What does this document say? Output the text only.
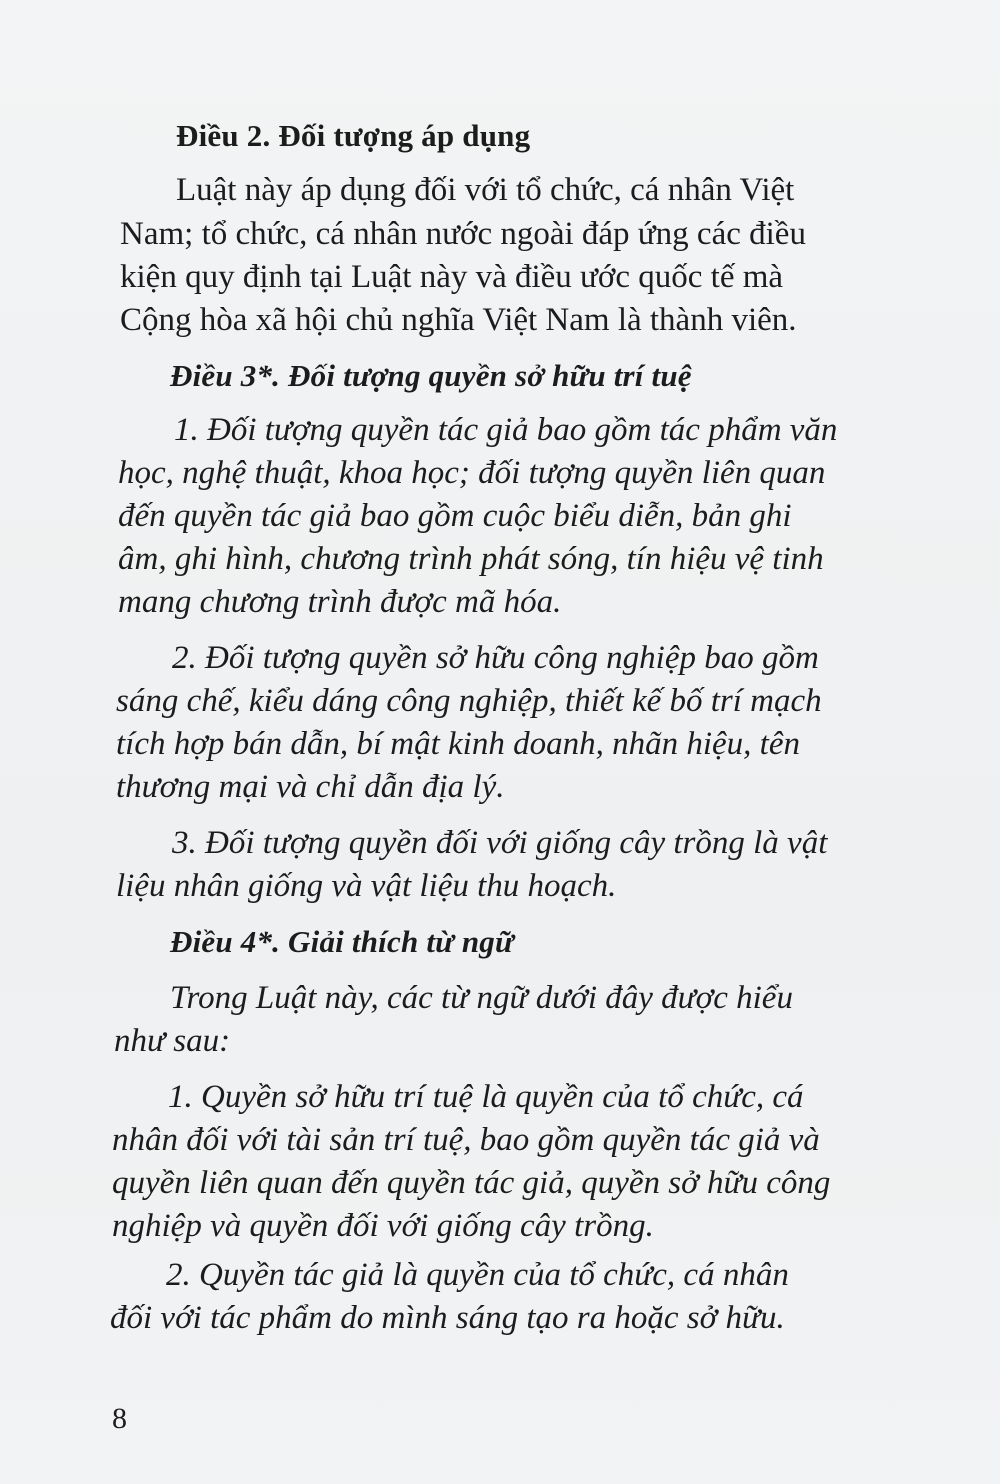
Điều 2. Đối tượng áp dụng

Luật này áp dụng đối với tổ chức, cá nhân Việt

Nam; tổ chức, cá nhân nước ngoài đáp ứng các điều

kiện quy định tại Luật này và điều ước quốc tế mà

Cộng hòa xã hội chủ nghĩa Việt Nam là thành viên.

Điều 3*. Đối tượng quyền sở hữu trí tuệ

1. Đối tượng quyền tác giả bao gồm tác phẩm văn

học, nghệ thuật, khoa học; đối tượng quyền liên quan

đến quyền tác giả bao gồm cuộc biểu diễn, bản ghi

âm, ghi hình, chương trình phát sóng, tín hiệu vệ tinh

mang chương trình được mã hóa.

2. Đối tượng quyền sở hữu công nghiệp bao gồm

sáng chế, kiểu dáng công nghiệp, thiết kế bố trí mạch

tích hợp bán dẫn, bí mật kinh doanh, nhãn hiệu, tên

thương mại và chỉ dẫn địa lý.

3. Đối tượng quyền đối với giống cây trồng là vật

liệu nhân giống và vật liệu thu hoạch.

Điều 4*. Giải thích từ ngữ

Trong Luật này, các từ ngữ dưới đây được hiểu

như sau:

1. Quyền sở hữu trí tuệ là quyền của tổ chức, cá

nhân đối với tài sản trí tuệ, bao gồm quyền tác giả và

quyền liên quan đến quyền tác giả, quyền sở hữu công

nghiệp và quyền đối với giống cây trồng.

2. Quyền tác giả là quyền của tổ chức, cá nhân

đối với tác phẩm do mình sáng tạo ra hoặc sở hữu.

8
